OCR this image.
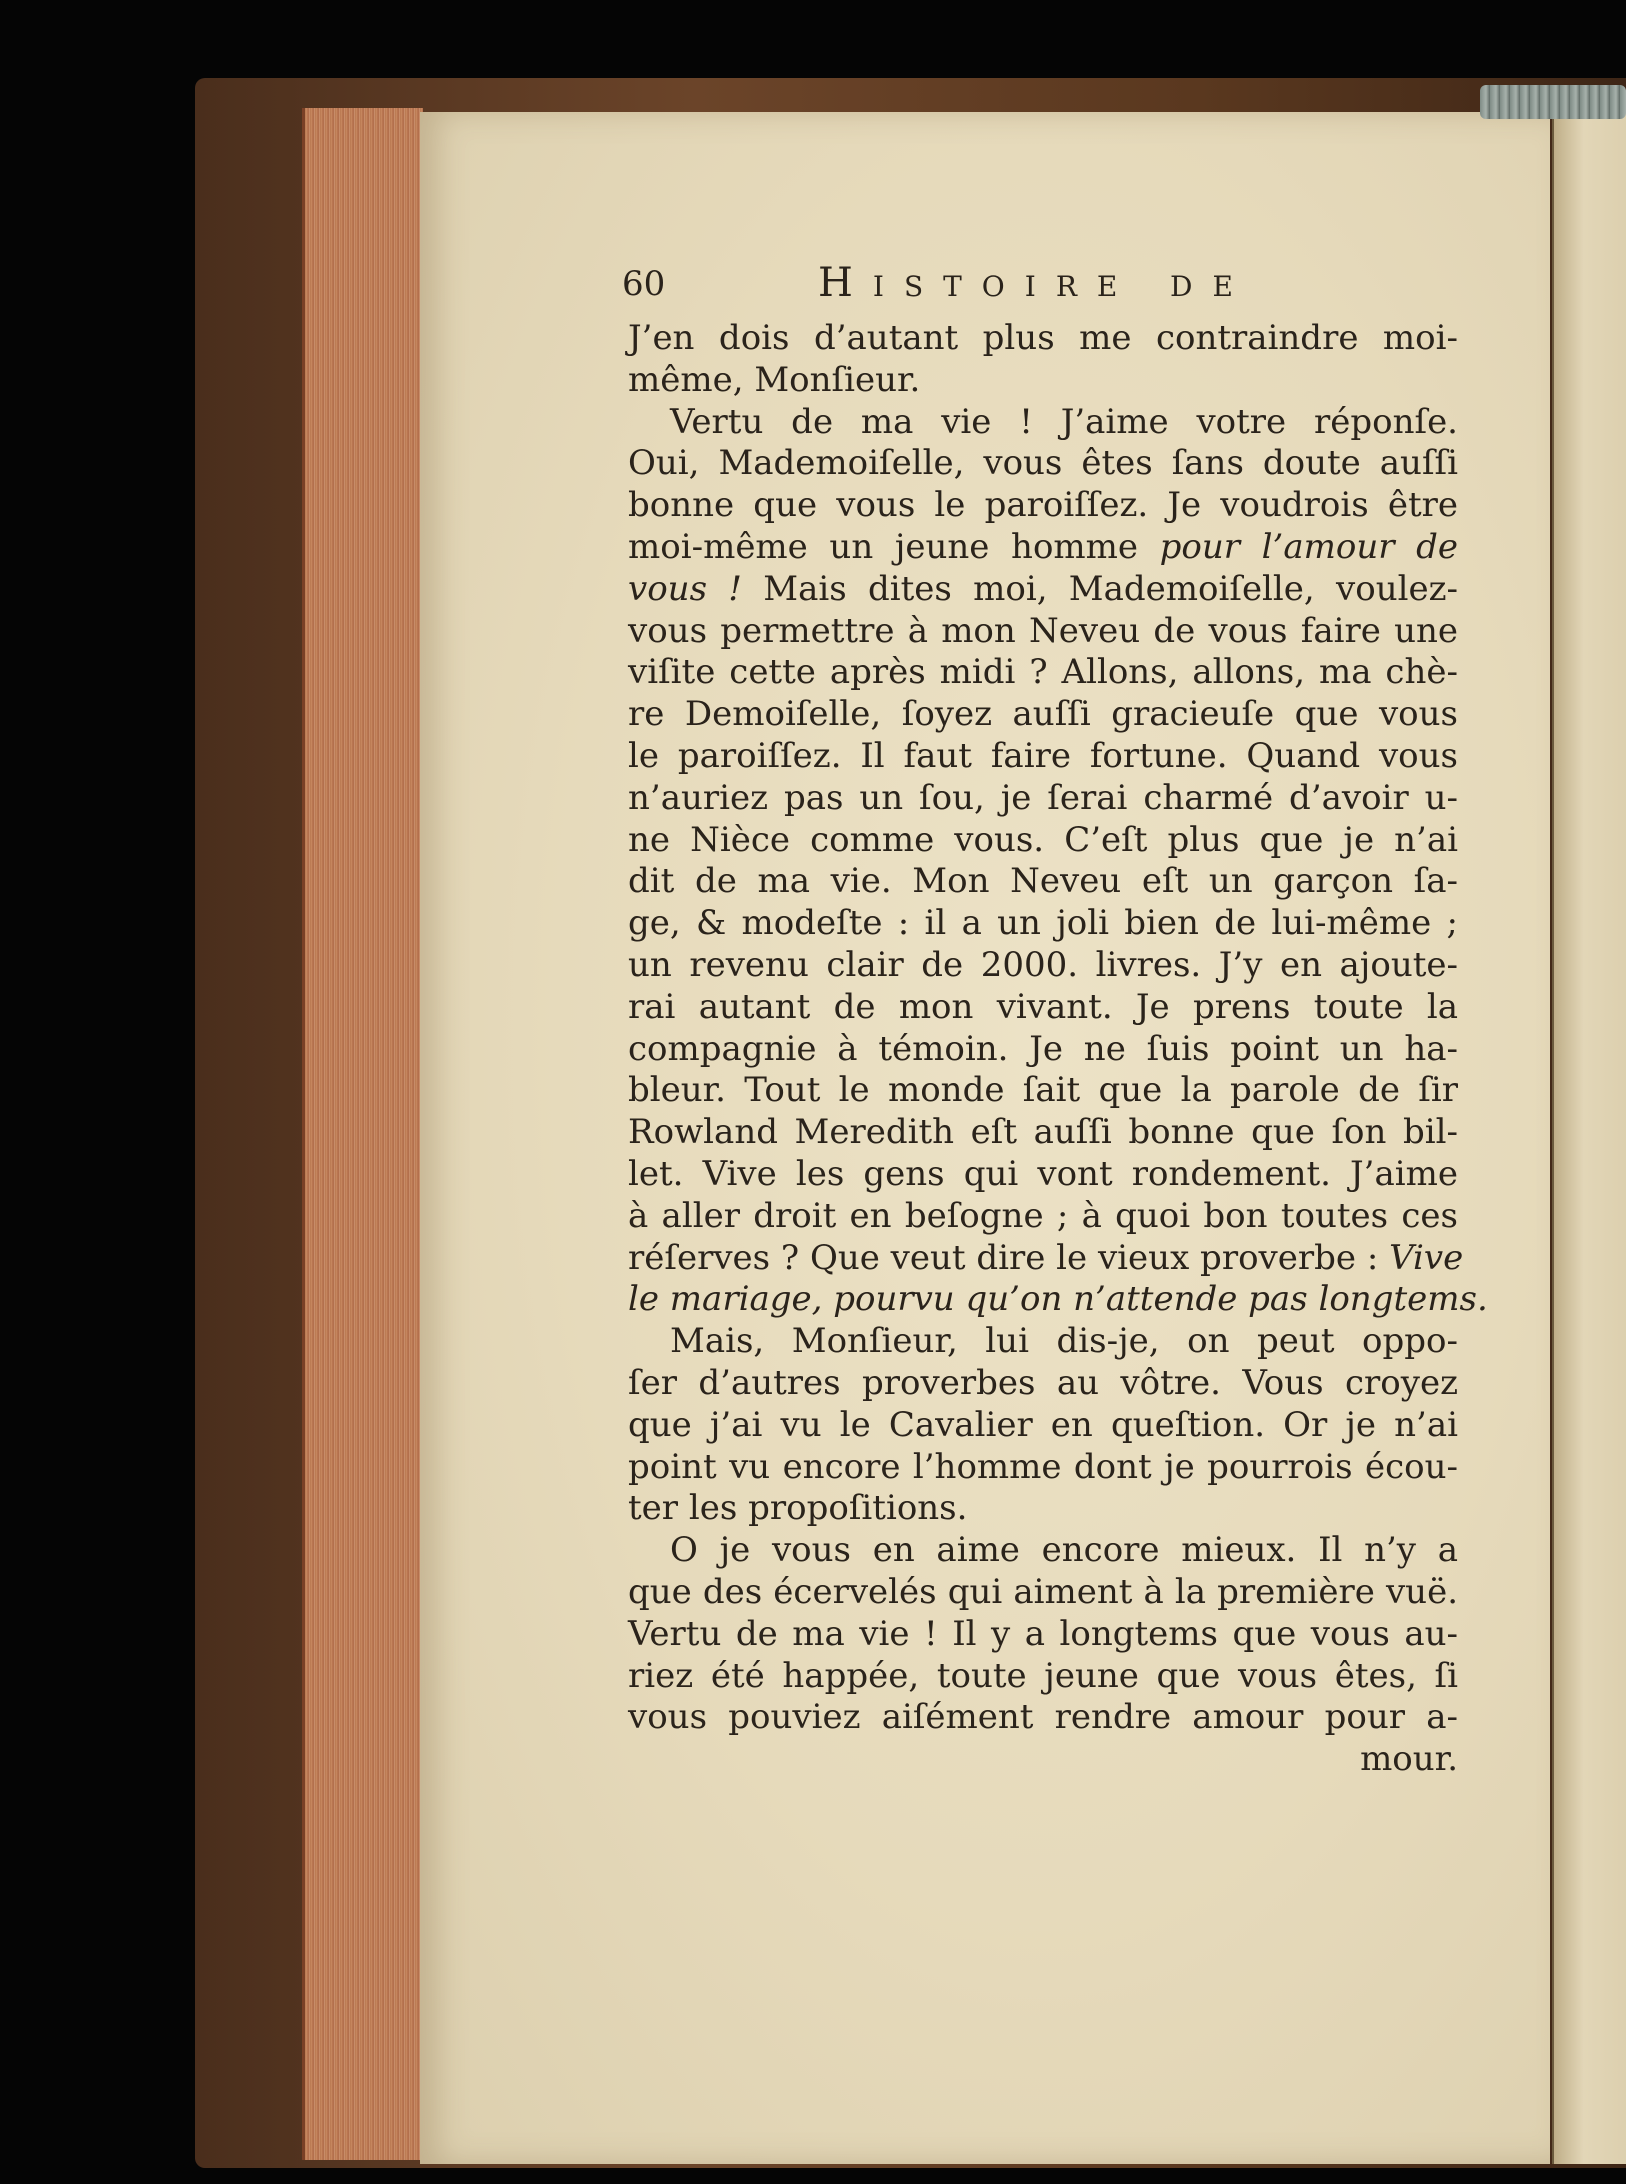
60	Histoire de
J’en dois d’autant plus me contraindre moi-
même, Monſieur.
Vertu de ma vie ! J’aime votre réponſe.
Oui, Mademoiſelle, vous êtes ſans doute auſſi
bonne que vous le paroiſſez. Je voudrois être
moi-même un jeune homme pour l’amour de
vous ! Mais dites moi, Mademoiſelle, voulez-
vous permettre à mon Neveu de vous faire une
viſite cette après midi ? Allons, allons, ma chè-
re Demoiſelle, ſoyez auſſi gracieuſe que vous
le paroiſſez. Il faut faire fortune. Quand vous
n’auriez pas un ſou, je ſerai charmé d’avoir u-
ne Nièce comme vous. C’eſt plus que je n’ai
dit de ma vie. Mon Neveu eſt un garçon ſa-
ge, & modeſte : il a un joli bien de lui-même ;
un revenu clair de 2000. livres. J’y en ajoute-
rai autant de mon vivant. Je prens toute la
compagnie à témoin. Je ne ſuis point un ha-
bleur. Tout le monde ſait que la parole de ſir
Rowland Meredith eſt auſſi bonne que ſon bil-
let. Vive les gens qui vont rondement. J’aime
à aller droit en beſogne ; à quoi bon toutes ces
réſerves ? Que veut dire le vieux proverbe : Vive
le mariage, pourvu qu’on n’attende pas longtems.
Mais, Monſieur, lui dis-je, on peut oppo-
ſer d’autres proverbes au vôtre. Vous croyez
que j’ai vu le Cavalier en queſtion. Or je n’ai
point vu encore l’homme dont je pourrois écou-
ter les propoſitions.
O je vous en aime encore mieux. Il n’y a
que des écervelés qui aiment à la première vuë.
Vertu de ma vie ! Il y a longtems que vous au-
riez été happée, toute jeune que vous êtes, ſi
vous pouviez aiſément rendre amour pour a-
mour.
